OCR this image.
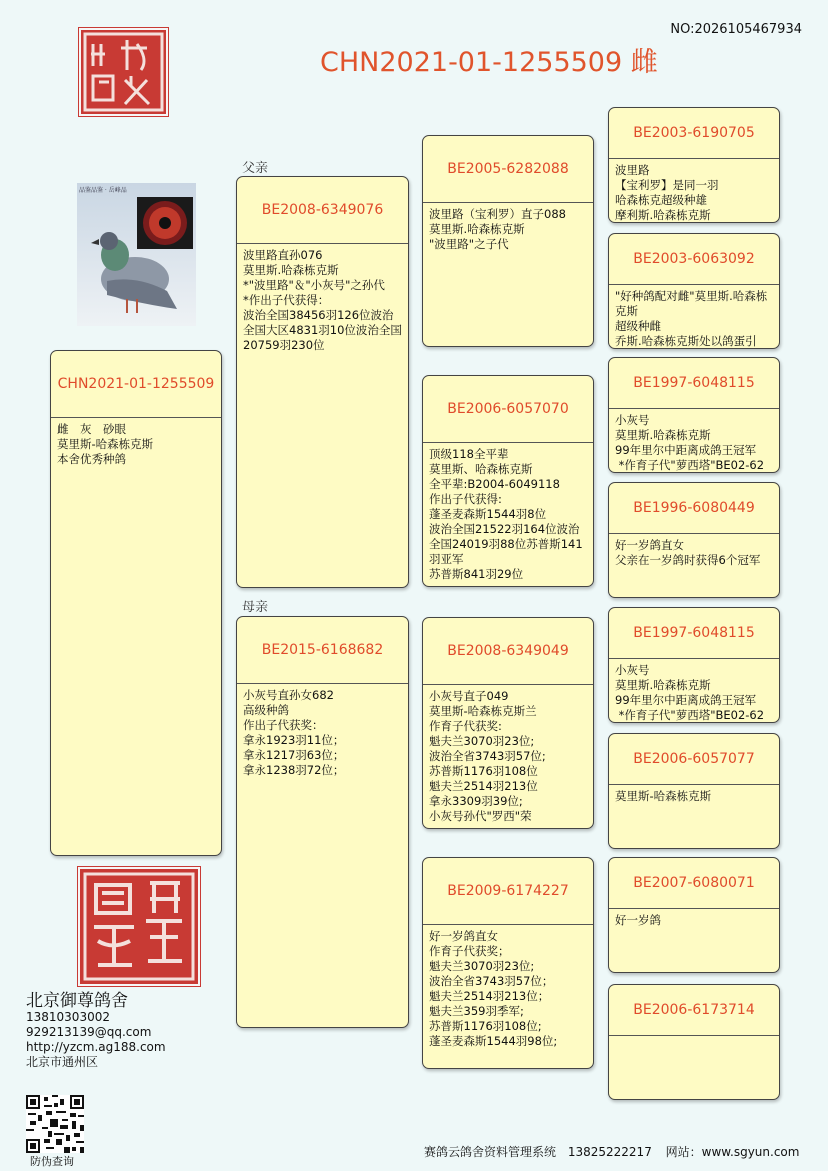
NO:2026105467934
CHN2021-01-1255509 雌
品鉴品鉴 · 岳峰品
父亲
母亲
CHN2021-01-1255509
雌　灰　砂眼
莫里斯-哈森栋克斯
本舍优秀种鸽
BE2008-6349076
波里路直孙076
莫里斯.哈森栋克斯
*"波里路"＆"小灰号"之孙代
*作出子代获得：
波治全国38456羽126位波治全国大区4831羽10位波治全国20759羽230位
BE2015-6168682
小灰号直孙女682
高级种鸽
作出子代获奖：
拿永1923羽11位；
拿永1217羽63位；
拿永1238羽72位；
BE2005-6282088
波里路（宝利罗）直子088
莫里斯.哈森栋克斯
"波里路"之子代
BE2006-6057070
顶级118全平辈
莫里斯、哈森栋克斯
全平辈:B2004-6049118
作出子代获得:
蓬圣麦森斯1544羽8位
波治全国21522羽164位波治全国24019羽88位苏普斯141羽亚军
苏普斯841羽29位
BE2008-6349049
小灰号直子049
莫里斯-哈森栋克斯兰
作育子代获奖:
魁夫兰3070羽23位;
波治全省3743羽57位;
苏普斯1176羽108位
魁夫兰2514羽213位
拿永3309羽39位;
小灰号孙代"罗西"荣
BE2009-6174227
好一岁鸽直女
作育子代获奖；
魁夫兰3070羽23位;
波治全省3743羽57位；
魁夫兰2514羽213位；
魁夫兰359羽季军;
苏普斯1176羽108位;
蓬圣麦森斯1544羽98位;
BE2003-6190705
波里路
【宝利罗】是同一羽
哈森栋克超级种雄
摩利斯.哈森栋克斯
BE2003-6063092
"好种鸽配对雌"莫里斯.哈森栋克斯
超级种雌
乔斯.哈森栋克斯处以鸽蛋引
BE1997-6048115
小灰号
莫里斯.哈森栋克斯
99年里尔中距离成鸽王冠军
*作育子代"萝西塔"BE02-62
BE1996-6080449
好一岁鸽直女
父亲在一岁鸽时获得6个冠军
BE1997-6048115
小灰号
莫里斯.哈森栋克斯
99年里尔中距离成鸽王冠军
*作育子代"萝西塔"BE02-62
BE2006-6057077
莫里斯-哈森栋克斯
BE2007-6080071
好一岁鸽
BE2006-6173714
北京御尊鸽舍
13810303002
929213139@qq.com
http://yzcm.ag188.com
北京市通州区
防伪查询
赛鸽云鸽舍资料管理系统 13825222217 网站：www.sgyun.com
